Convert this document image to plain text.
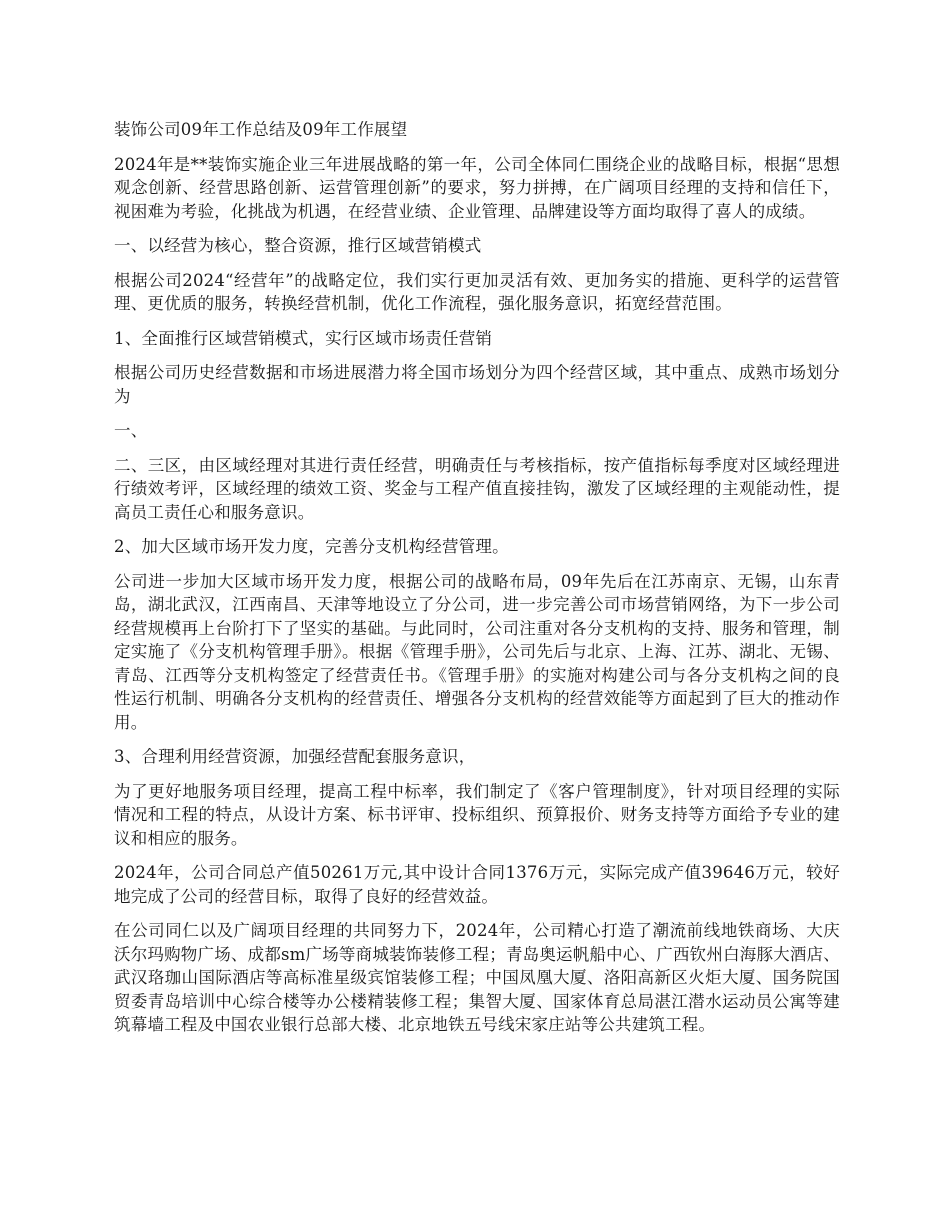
装饰公司09年工作总结及09年工作展望

2024年是**装饰实施企业三年进展战略的第一年，公司全体同仁围绕企业的战略目标，根据“思想观念创新、经营思路创新、运营管理创新”的要求，努力拼搏，在广阔项目经理的支持和信任下，视困难为考验，化挑战为机遇，在经营业绩、企业管理、品牌建设等方面均取得了喜人的成绩。

一、以经营为核心，整合资源，推行区域营销模式

根据公司2024“经营年”的战略定位，我们实行更加灵活有效、更加务实的措施、更科学的运营管理、更优质的服务，转换经营机制，优化工作流程，强化服务意识，拓宽经营范围。

1、全面推行区域营销模式，实行区域市场责任营销

根据公司历史经营数据和市场进展潜力将全国市场划分为四个经营区域，其中重点、成熟市场划分为

一、

二、三区，由区域经理对其进行责任经营，明确责任与考核指标，按产值指标每季度对区域经理进行绩效考评，区域经理的绩效工资、奖金与工程产值直接挂钩，激发了区域经理的主观能动性，提高员工责任心和服务意识。

2、加大区域市场开发力度，完善分支机构经营管理。

公司进一步加大区域市场开发力度，根据公司的战略布局，09年先后在江苏南京、无锡，山东青岛，湖北武汉，江西南昌、天津等地设立了分公司，进一步完善公司市场营销网络，为下一步公司经营规模再上台阶打下了坚实的基础。与此同时，公司注重对各分支机构的支持、服务和管理，制定实施了《分支机构管理手册》。根据《管理手册》，公司先后与北京、上海、江苏、湖北、无锡、青岛、江西等分支机构签定了经营责任书。《管理手册》的实施对构建公司与各分支机构之间的良性运行机制、明确各分支机构的经营责任、增强各分支机构的经营效能等方面起到了巨大的推动作用。

3、合理利用经营资源，加强经营配套服务意识，

为了更好地服务项目经理，提高工程中标率，我们制定了《客户管理制度》，针对项目经理的实际情况和工程的特点，从设计方案、标书评审、投标组织、预算报价、财务支持等方面给予专业的建议和相应的服务。

2024年，公司合同总产值50261万元,其中设计合同1376万元，实际完成产值39646万元，较好地完成了公司的经营目标，取得了良好的经营效益。

在公司同仁以及广阔项目经理的共同努力下，2024年，公司精心打造了潮流前线地铁商场、大庆沃尔玛购物广场、成都sm广场等商城装饰装修工程；青岛奥运帆船中心、广西钦州白海豚大酒店、武汉珞珈山国际酒店等高标准星级宾馆装修工程；中国凤凰大厦、洛阳高新区火炬大厦、国务院国贸委青岛培训中心综合楼等办公楼精装修工程；集智大厦、国家体育总局湛江潜水运动员公寓等建筑幕墙工程及中国农业银行总部大楼、北京地铁五号线宋家庄站等公共建筑工程。
